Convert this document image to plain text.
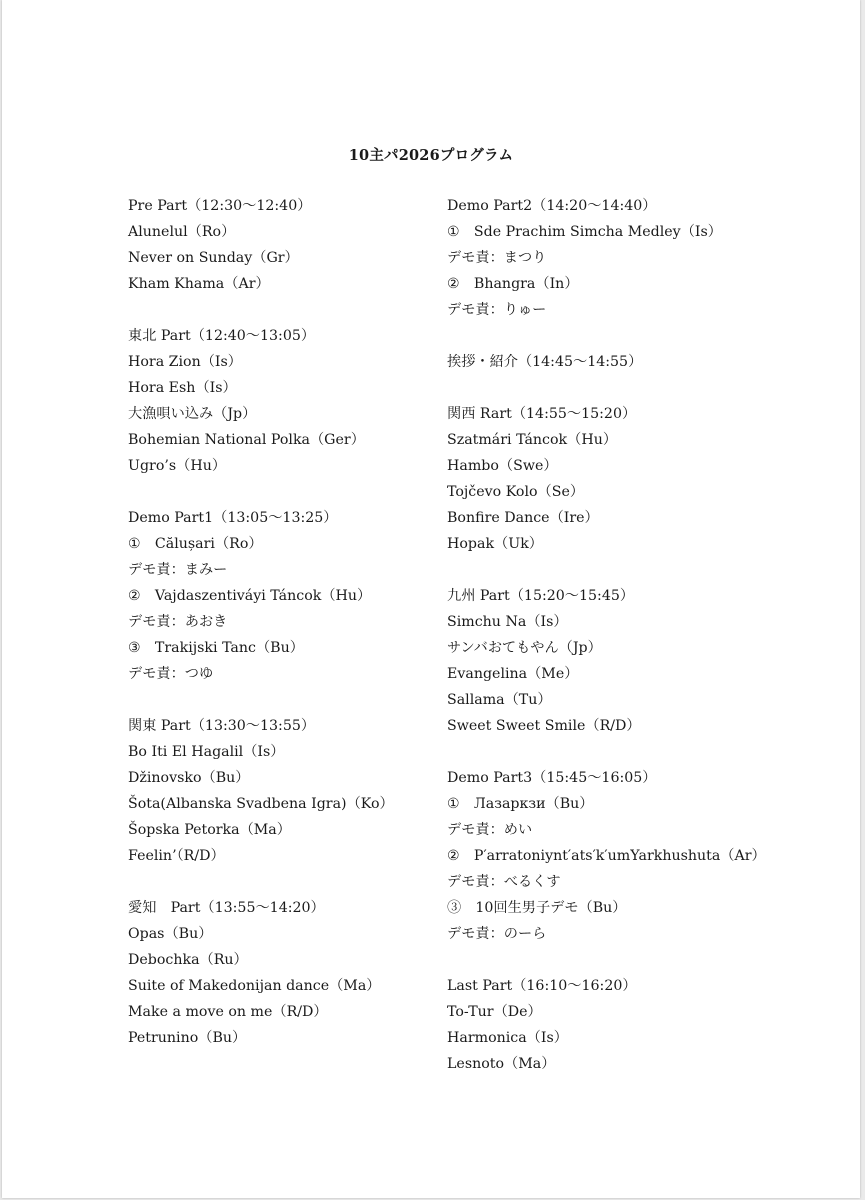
10主パ2026プログラム
Pre Part（12:30〜12:40）
Alunelul（Ro）
Never on Sunday（Gr）
Kham Khama（Ar）
東北 Part（12:40〜13:05）
Hora Zion（Is）
Hora Esh（Is）
大漁唄い込み（Jp）
Bohemian National Polka（Ger）
Ugro’s（Hu）
Demo Part1（13:05〜13:25）
①　Călușari（Ro）
デモ責：まみー
②　Vajdaszentiváyi Táncok（Hu）
デモ責：あおき
③　Trakijski Tanc（Bu）
デモ責：つゆ
関東 Part（13:30〜13:55）
Bo Iti El Hagalil（Is）
Džinovsko（Bu）
Šota(Albanska Svadbena Igra)（Ko）
Šopska Petorka（Ma）
Feelin’（R/D）
愛知　Part（13:55〜14:20）
Opas（Bu）
Debochka（Ru）
Suite of Makedonijan dance（Ma）
Make a move on me（R/D）
Petrunino（Bu）
Demo Part2（14:20〜14:40）
①　Sde Prachim Simcha Medley（Is）
デモ責：まつり
②　Bhangra（In）
デモ責：りゅー
挨拶・紹介（14:45〜14:55）
関西 Rart（14:55〜15:20）
Szatmári Táncok（Hu）
Hambo（Swe）
Tojčevo Kolo（Se）
Bonfire Dance（Ire）
Hopak（Uk）
九州 Part（15:20〜15:45）
Simchu Na（Is）
サンバおてもやん（Jp）
Evangelina（Me）
Sallama（Tu）
Sweet Sweet Smile（R/D）
Demo Part3（15:45〜16:05）
①　Лазаркзи（Bu）
デモ責：めい
②　P′arratoniynt′ats′k′umYarkhushuta（Ar）
デモ責：べるくす
③　10回生男子デモ（Bu）
デモ責：のーら
Last Part（16:10〜16:20）
To-Tur（De）
Harmonica（Is）
Lesnoto（Ma）
